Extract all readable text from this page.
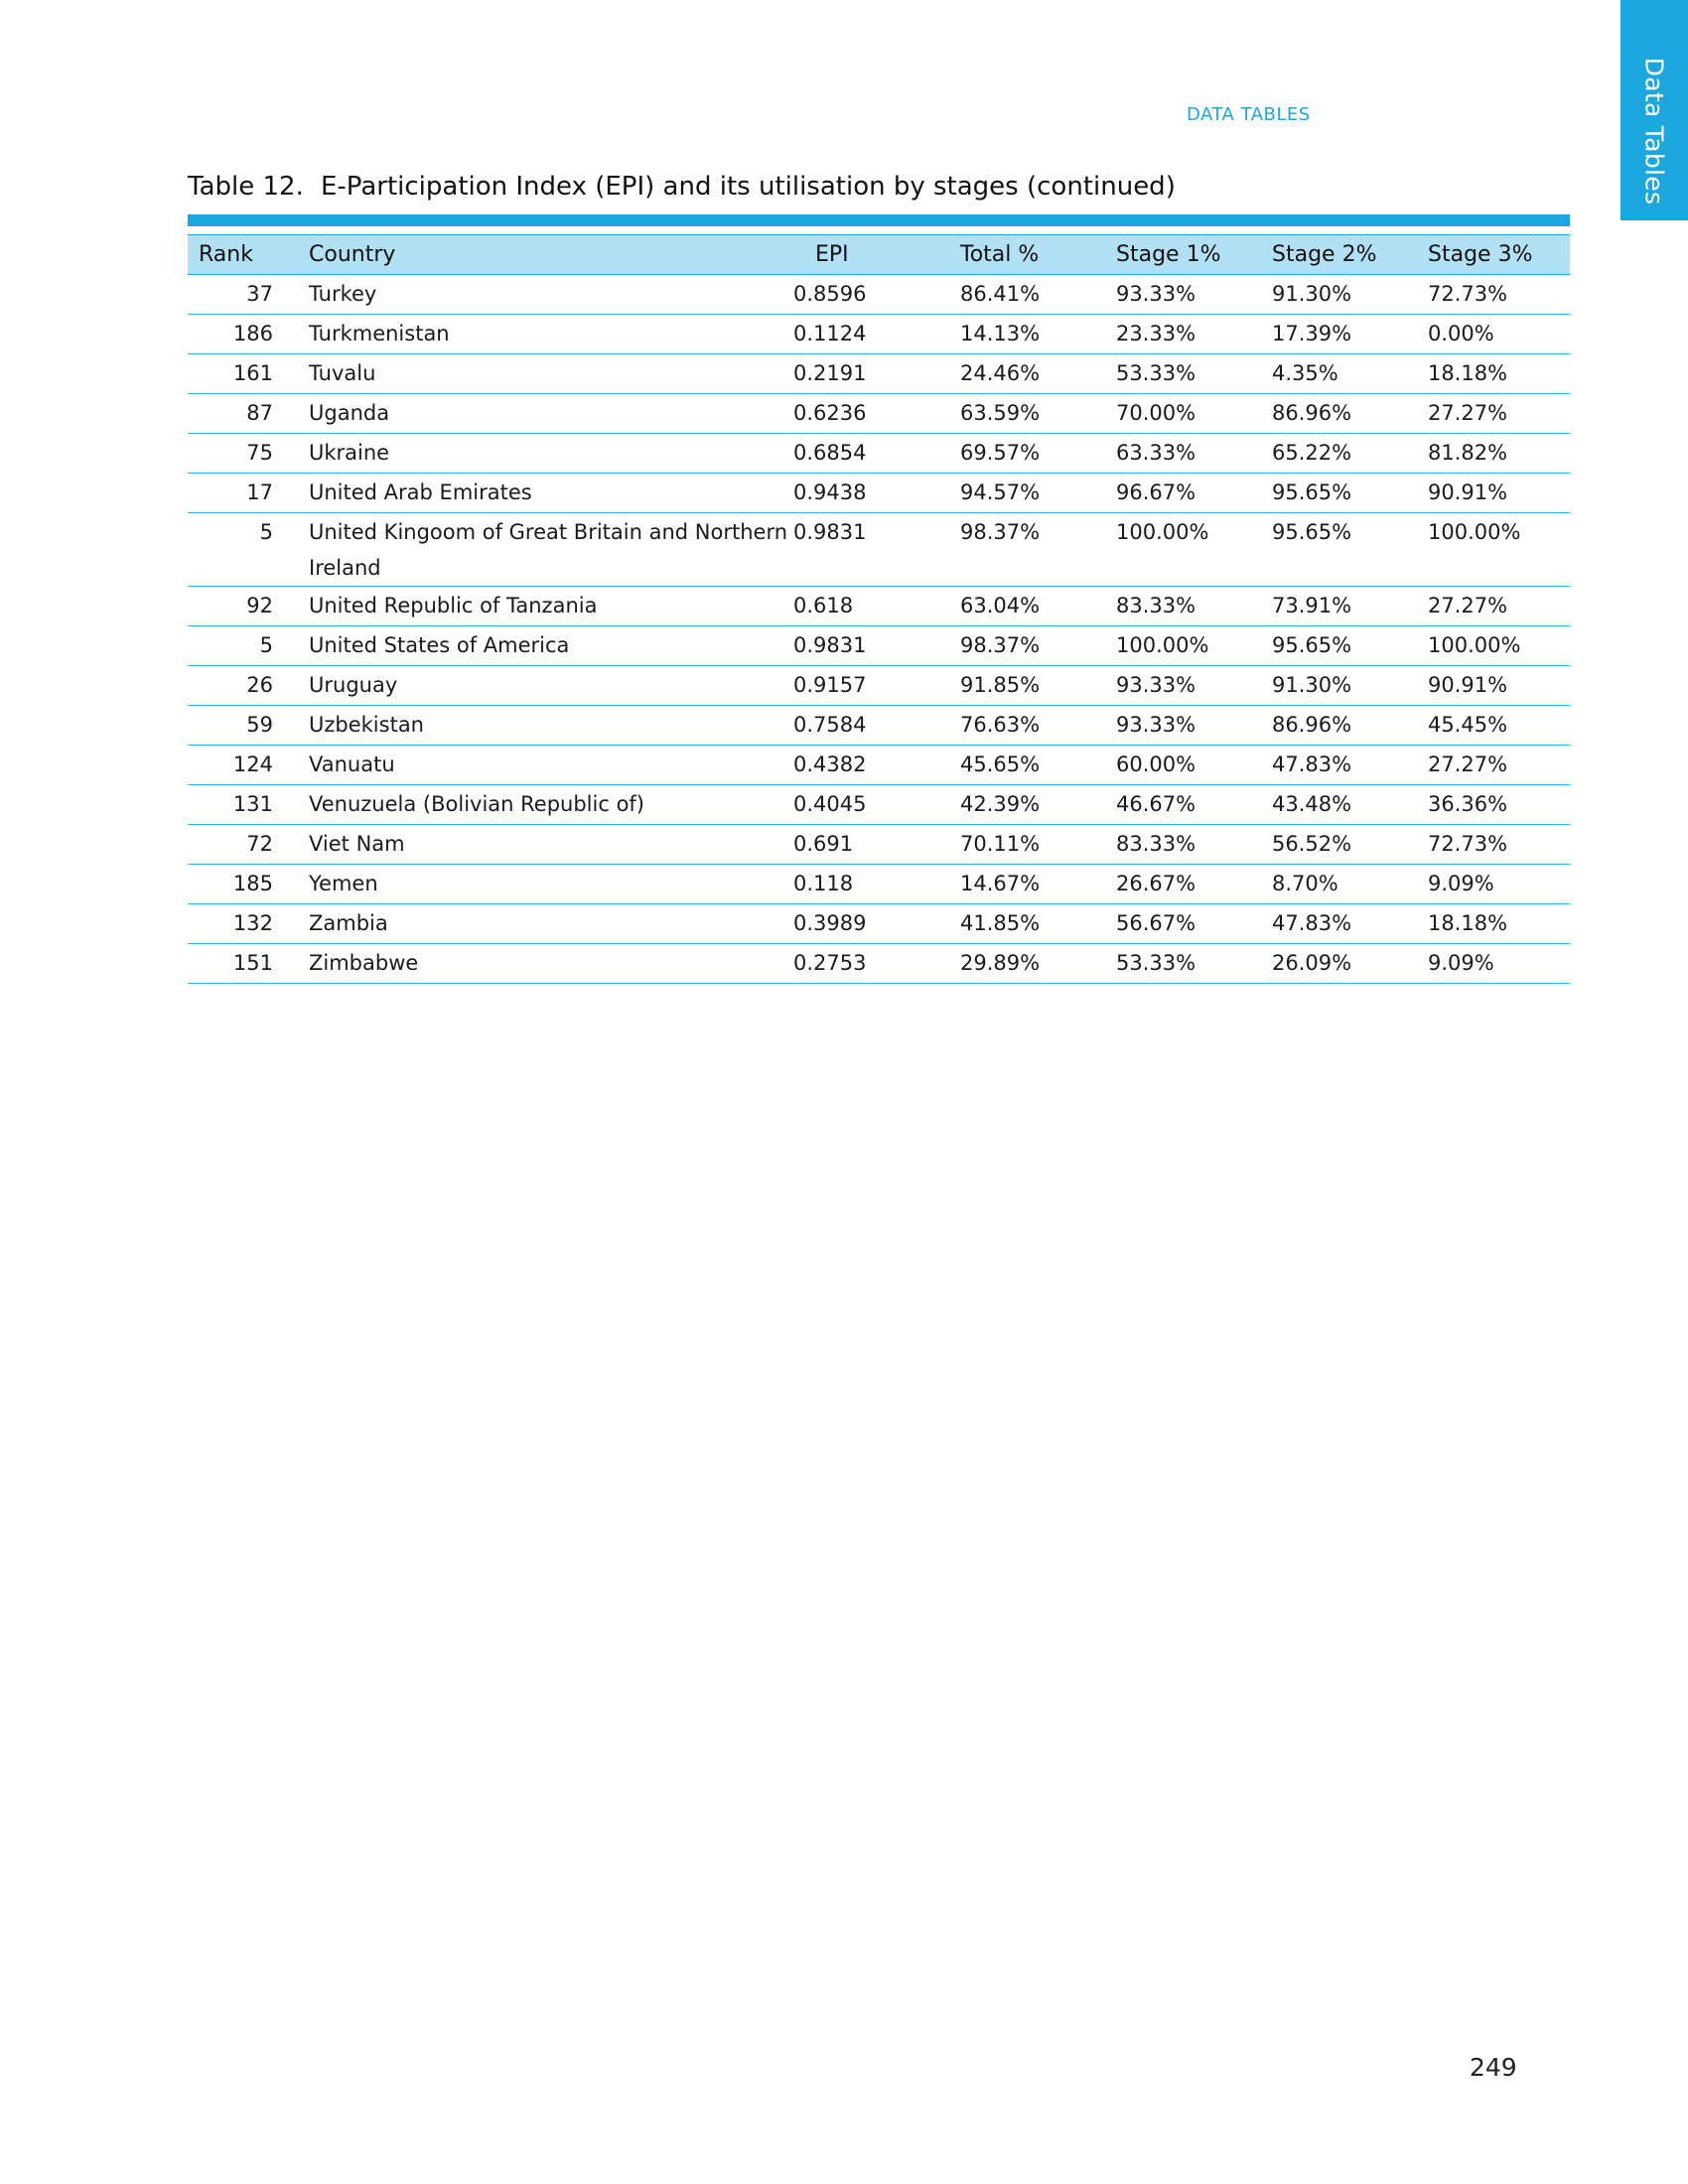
Data Tables
DATA TABLES
Table 12. E-Participation Index (EPI) and its utilisation by stages (continued)
Rank	Country	EPI	Total %	Stage 1%	Stage 2%	Stage 3%
37	Turkey	0.8596	86.41%	93.33%	91.30%	72.73%
186	Turkmenistan	0.1124	14.13%	23.33%	17.39%	0.00%
161	Tuvalu	0.2191	24.46%	53.33%	4.35%	18.18%
87	Uganda	0.6236	63.59%	70.00%	86.96%	27.27%
75	Ukraine	0.6854	69.57%	63.33%	65.22%	81.82%
17	United Arab Emirates	0.9438	94.57%	96.67%	95.65%	90.91%
5	United Kingoom of Great Britain and Northern Ireland	0.9831	98.37%	100.00%	95.65%	100.00%
92	United Republic of Tanzania	0.618	63.04%	83.33%	73.91%	27.27%
5	United States of America	0.9831	98.37%	100.00%	95.65%	100.00%
26	Uruguay	0.9157	91.85%	93.33%	91.30%	90.91%
59	Uzbekistan	0.7584	76.63%	93.33%	86.96%	45.45%
124	Vanuatu	0.4382	45.65%	60.00%	47.83%	27.27%
131	Venuzuela (Bolivian Republic of)	0.4045	42.39%	46.67%	43.48%	36.36%
72	Viet Nam	0.691	70.11%	83.33%	56.52%	72.73%
185	Yemen	0.118	14.67%	26.67%	8.70%	9.09%
132	Zambia	0.3989	41.85%	56.67%	47.83%	18.18%
151	Zimbabwe	0.2753	29.89%	53.33%	26.09%	9.09%
249
